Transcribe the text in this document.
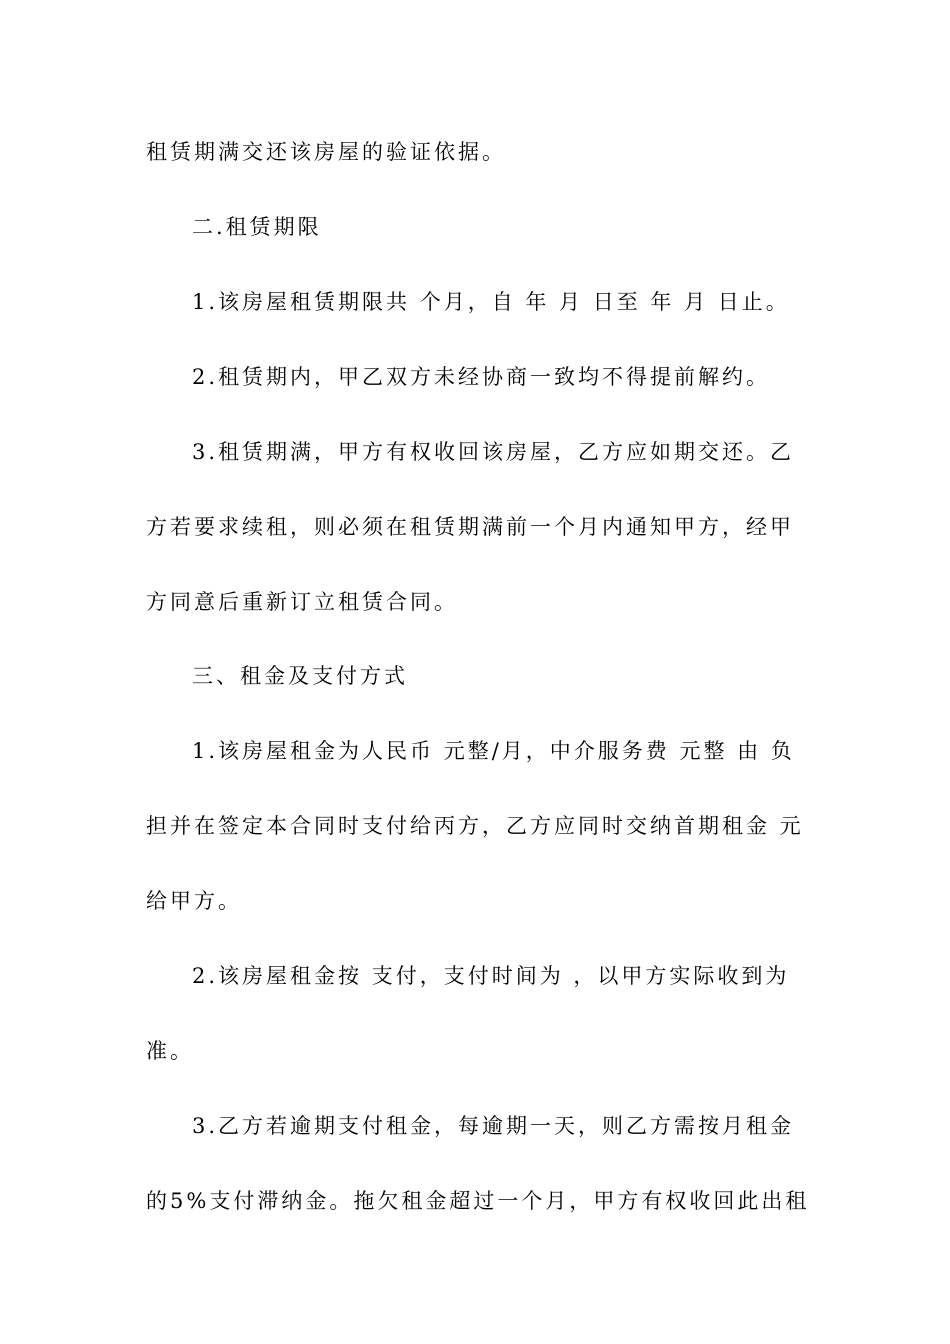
租赁期满交还该房屋的验证依据。
二.租赁期限
1.该房屋租赁期限共 个月，自 年 月 日至 年 月 日止。
2.租赁期内，甲乙双方未经协商一致均不得提前解约。
3.租赁期满，甲方有权收回该房屋，乙方应如期交还。乙
方若要求续租，则必须在租赁期满前一个月内通知甲方，经甲
方同意后重新订立租赁合同。
三、租金及支付方式
1.该房屋租金为人民币 元整/月，中介服务费 元整 由 负
担并在签定本合同时支付给丙方，乙方应同时交纳首期租金 元
给甲方。
2.该房屋租金按 支付，支付时间为 ，以甲方实际收到为
准。
3.乙方若逾期支付租金，每逾期一天，则乙方需按月租金
的5%支付滞纳金。拖欠租金超过一个月，甲方有权收回此出租
